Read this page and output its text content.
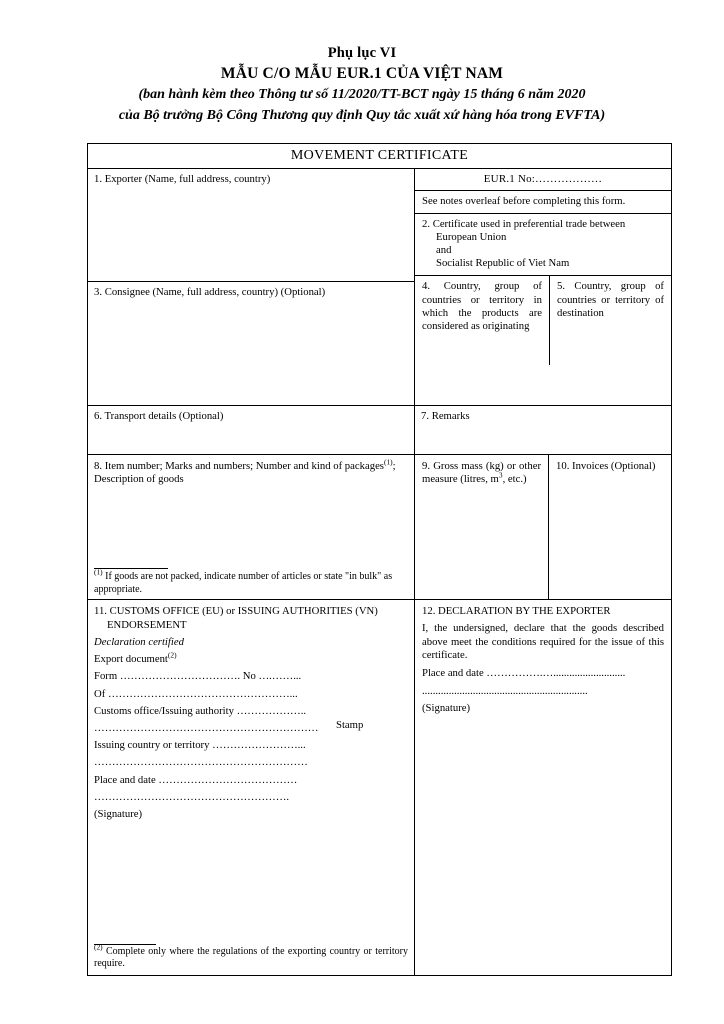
Phụ lục VI
MẪU C/O MẪU EUR.1 CỦA VIỆT NAM
(ban hành kèm theo Thông tư số 11/2020/TT-BCT ngày 15 tháng 6 năm 2020
của Bộ trưởng Bộ Công Thương quy định Quy tắc xuất xứ hàng hóa trong EVFTA)
MOVEMENT CERTIFICATE
1. Exporter (Name, full address, country)
3. Consignee (Name, full address, country) (Optional)
EUR.1 No:………………
See notes overleaf before completing this form.
2. Certificate used in preferential trade between
European Union
and
Socialist Republic of Viet Nam
4. Country, group of countries or territory in which the products are considered as originating
5. Country, group of countries or territory of destination
6. Transport details (Optional)	7. Remarks
8. Item number; Marks and numbers; Number and kind of packages$^{(1)}$;
Description of goods
$^{(1)}$ If goods are not packed, indicate number of articles or state "in bulk" as appropriate.
9. Gross mass (kg) or other measure (litres, $m^3$, etc.)
10. Invoices (Optional)
11. CUSTOMS OFFICE (EU) or ISSUING AUTHORITIES (VN)
ENDORSEMENT
Declaration certified
Export document$^{(2)}$
Form ……………………………. No ….……...
Of ……………………………………………...
Customs office/Issuing authority ………………..
………………………………………………………	Stamp
Issuing country or territory ……………………...
……………………………………………………
Place and date …………………………………
……………………………………………….
(Signature)
$^{(2)}$ Complete only where the regulations of the exporting country or territory require.
12. DECLARATION BY THE EXPORTER
I, the undersigned, declare that the goods described above meet the conditions required for the issue of this certificate.
Place and date …………….…...........................
..............................................................
(Signature)
